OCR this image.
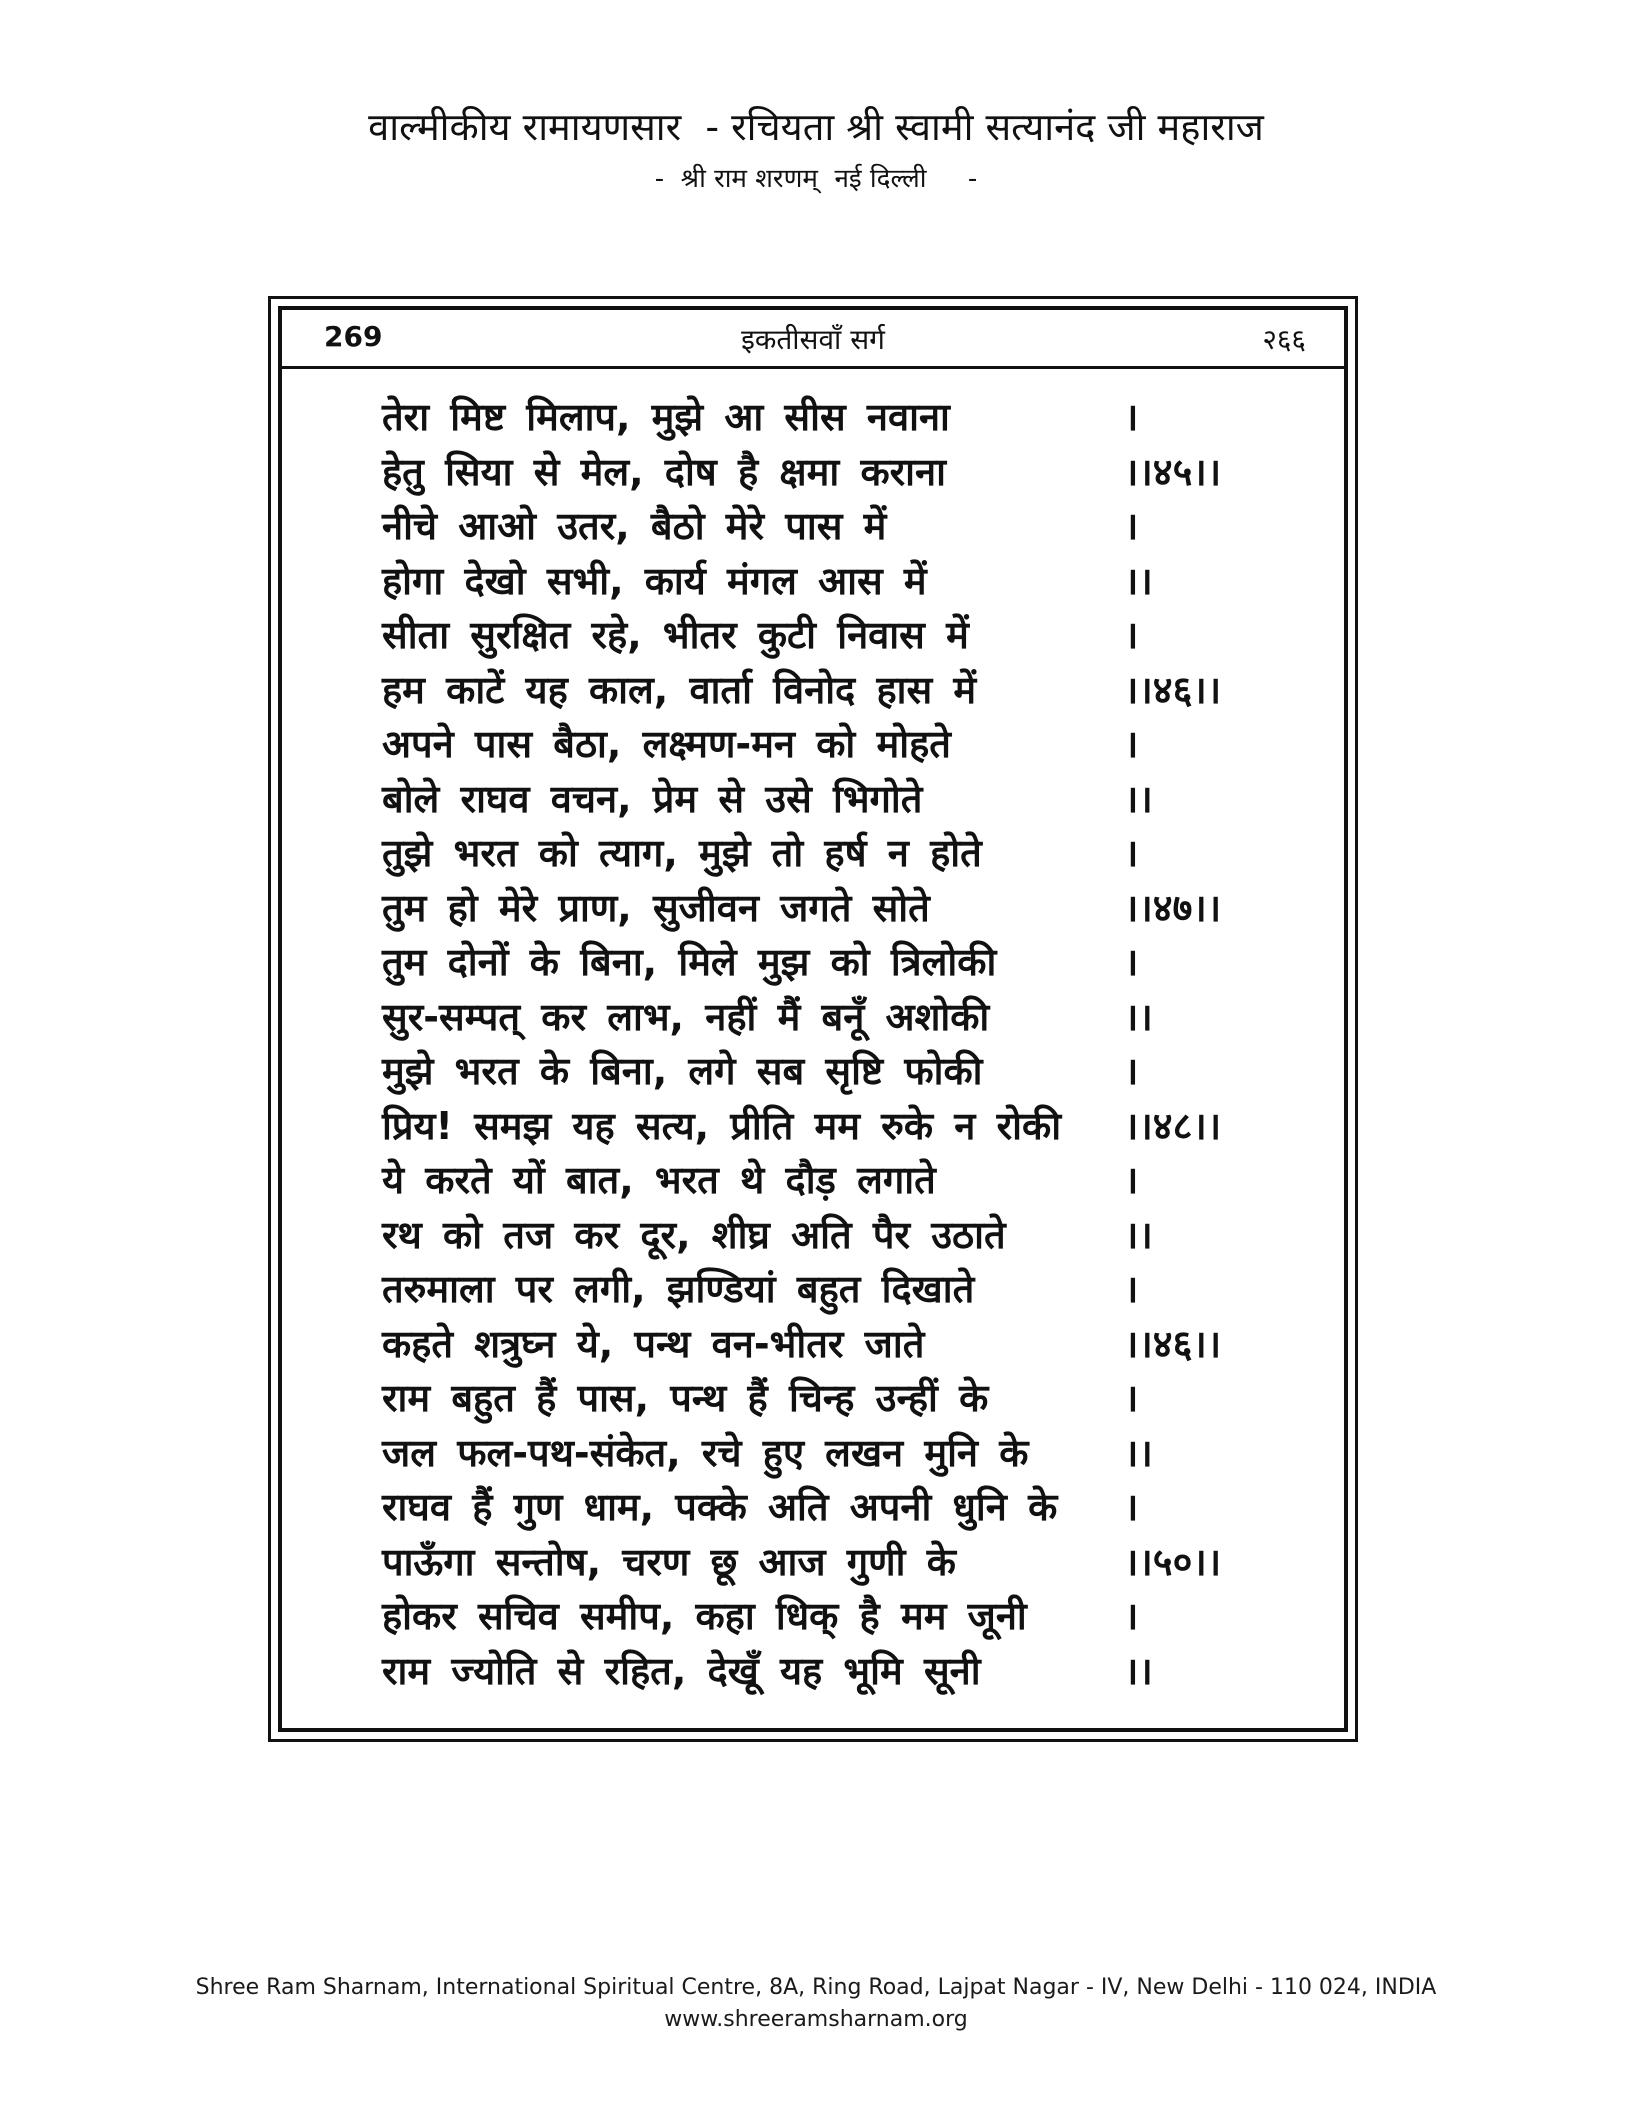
वाल्मीकीय रामायणसार  - रचियता श्री स्वामी सत्यानंद जी महाराज
-  श्री राम शरणम्  नई दिल्ली     -
269	इकतीसवाँ सर्ग	२६६
तेरा मिष्ट मिलाप, मुझे आ सीस नवाना	।
हेतु सिया से मेल, दोष है क्षमा कराना	।।४५।।
नीचे आओ उतर, बैठो मेरे पास में	।
होगा देखो सभी, कार्य मंगल आस में	।।
सीता सुरक्षित रहे, भीतर कुटी निवास में	।
हम काटें यह काल, वार्ता विनोद हास में	।।४६।।
अपने पास बैठा, लक्ष्मण-मन को मोहते	।
बोले राघव वचन, प्रेम से उसे भिगोते	।।
तुझे भरत को त्याग, मुझे तो हर्ष न होते	।
तुम हो मेरे प्राण, सुजीवन जगते सोते	।।४७।।
तुम दोनों के बिना, मिले मुझ को त्रिलोकी	।
सुर-सम्पत् कर लाभ, नहीं मैं बनूँ अशोकी	।।
मुझे भरत के बिना, लगे सब सृष्टि फोकी	।
प्रिय! समझ यह सत्य, प्रीति मम रुके न रोकी	।।४८।।
ये करते यों बात, भरत थे दौड़ लगाते	।
रथ को तज कर दूर, शीघ्र अति पैर उठाते	।।
तरुमाला पर लगी, झण्डियां बहुत दिखाते	।
कहते शत्रुघ्न ये, पन्थ वन-भीतर जाते	।।४६।।
राम बहुत हैं पास, पन्थ हैं चिन्ह उन्हीं के	।
जल फल-पथ-संकेत, रचे हुए लखन मुनि के	।।
राघव हैं गुण धाम, पक्के अति अपनी धुनि के	।
पाऊँगा सन्तोष, चरण छू आज गुणी के	।।५०।।
होकर सचिव समीप, कहा धिक् है मम जूनी	।
राम ज्योति से रहित, देखूँ यह भूमि सूनी	।।
Shree Ram Sharnam, International Spiritual Centre, 8A, Ring Road, Lajpat Nagar - IV, New Delhi - 110 024, INDIA
www.shreeramsharnam.org
